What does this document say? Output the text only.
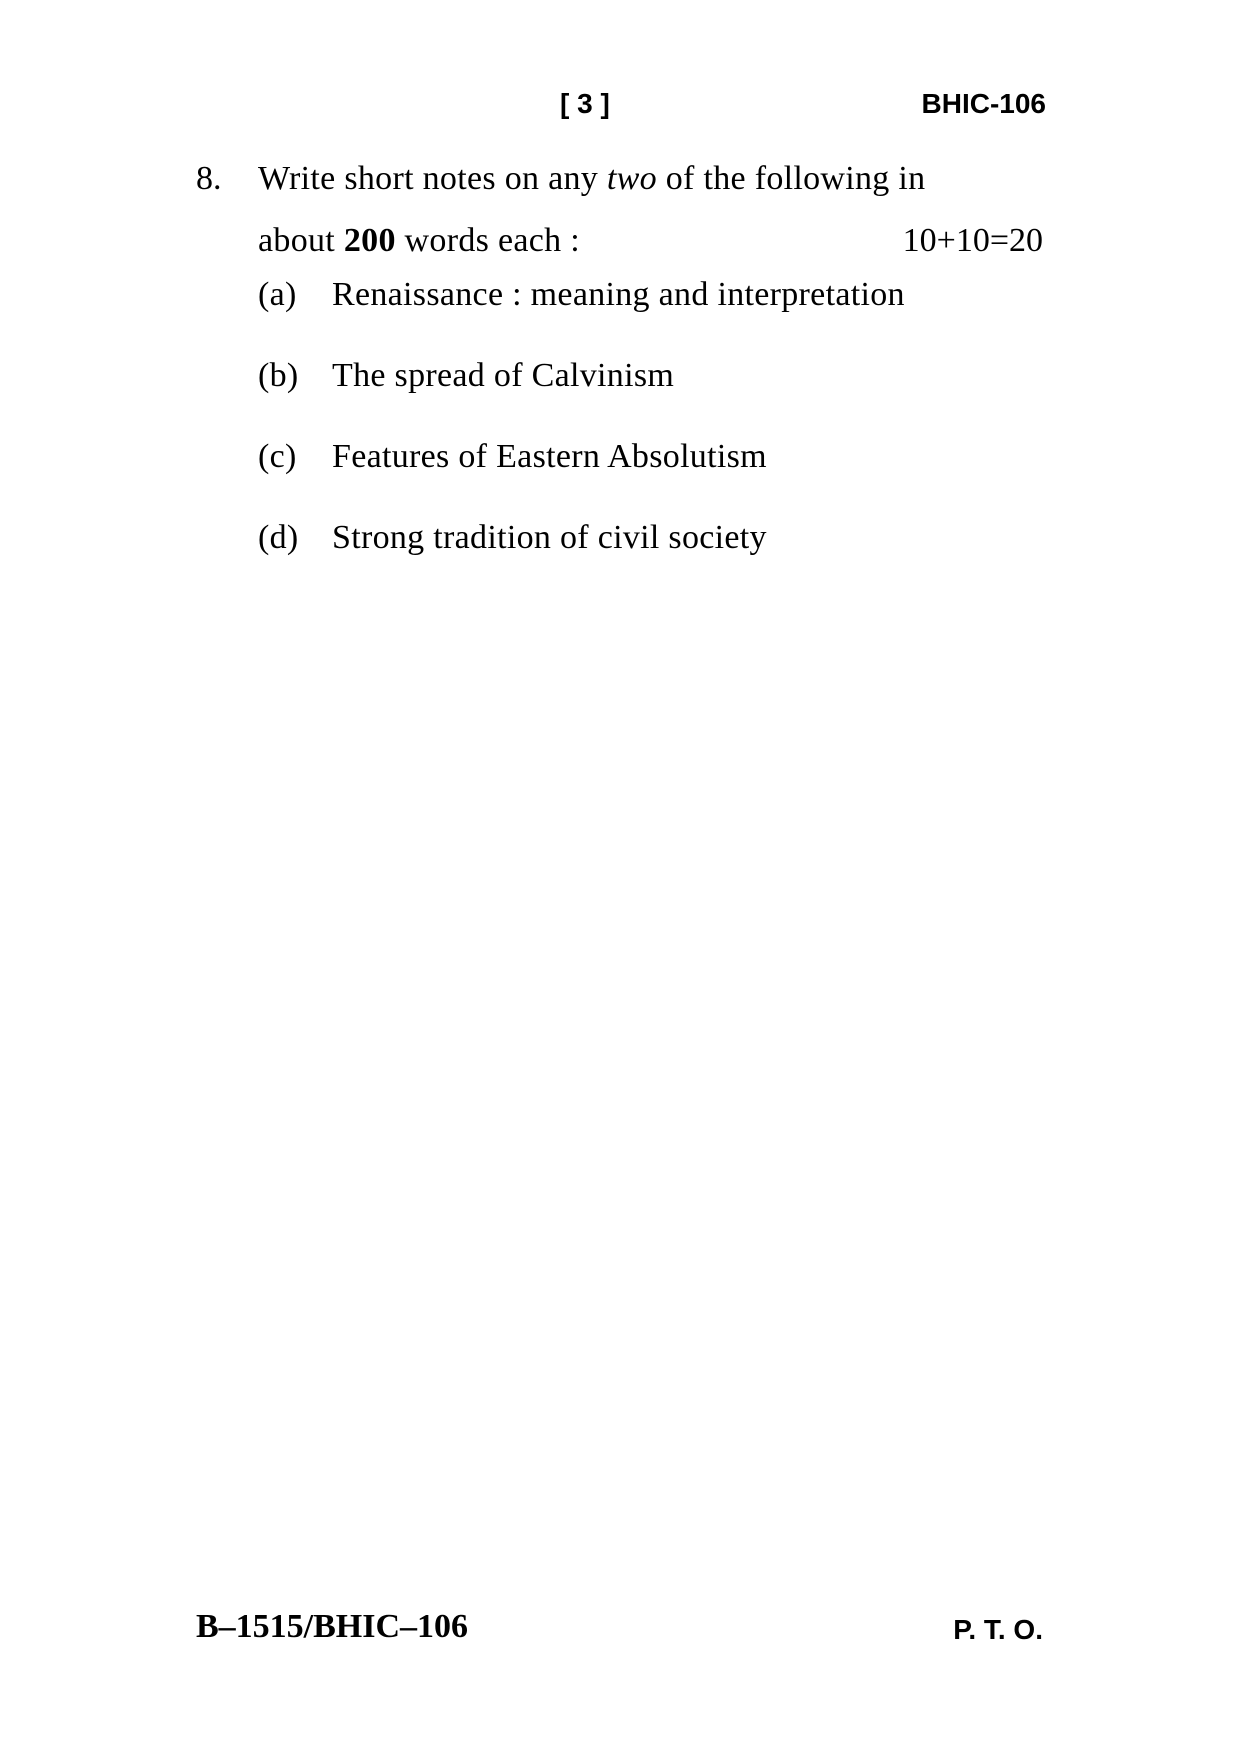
[ 3 ]	BHIC-106
8. Write short notes on any two of the following in
about 200 words each :	10+10=20
(a) Renaissance : meaning and interpretation
(b) The spread of Calvinism
(c) Features of Eastern Absolutism
(d) Strong tradition of civil society
B–1515/BHIC–106	P. T. O.
